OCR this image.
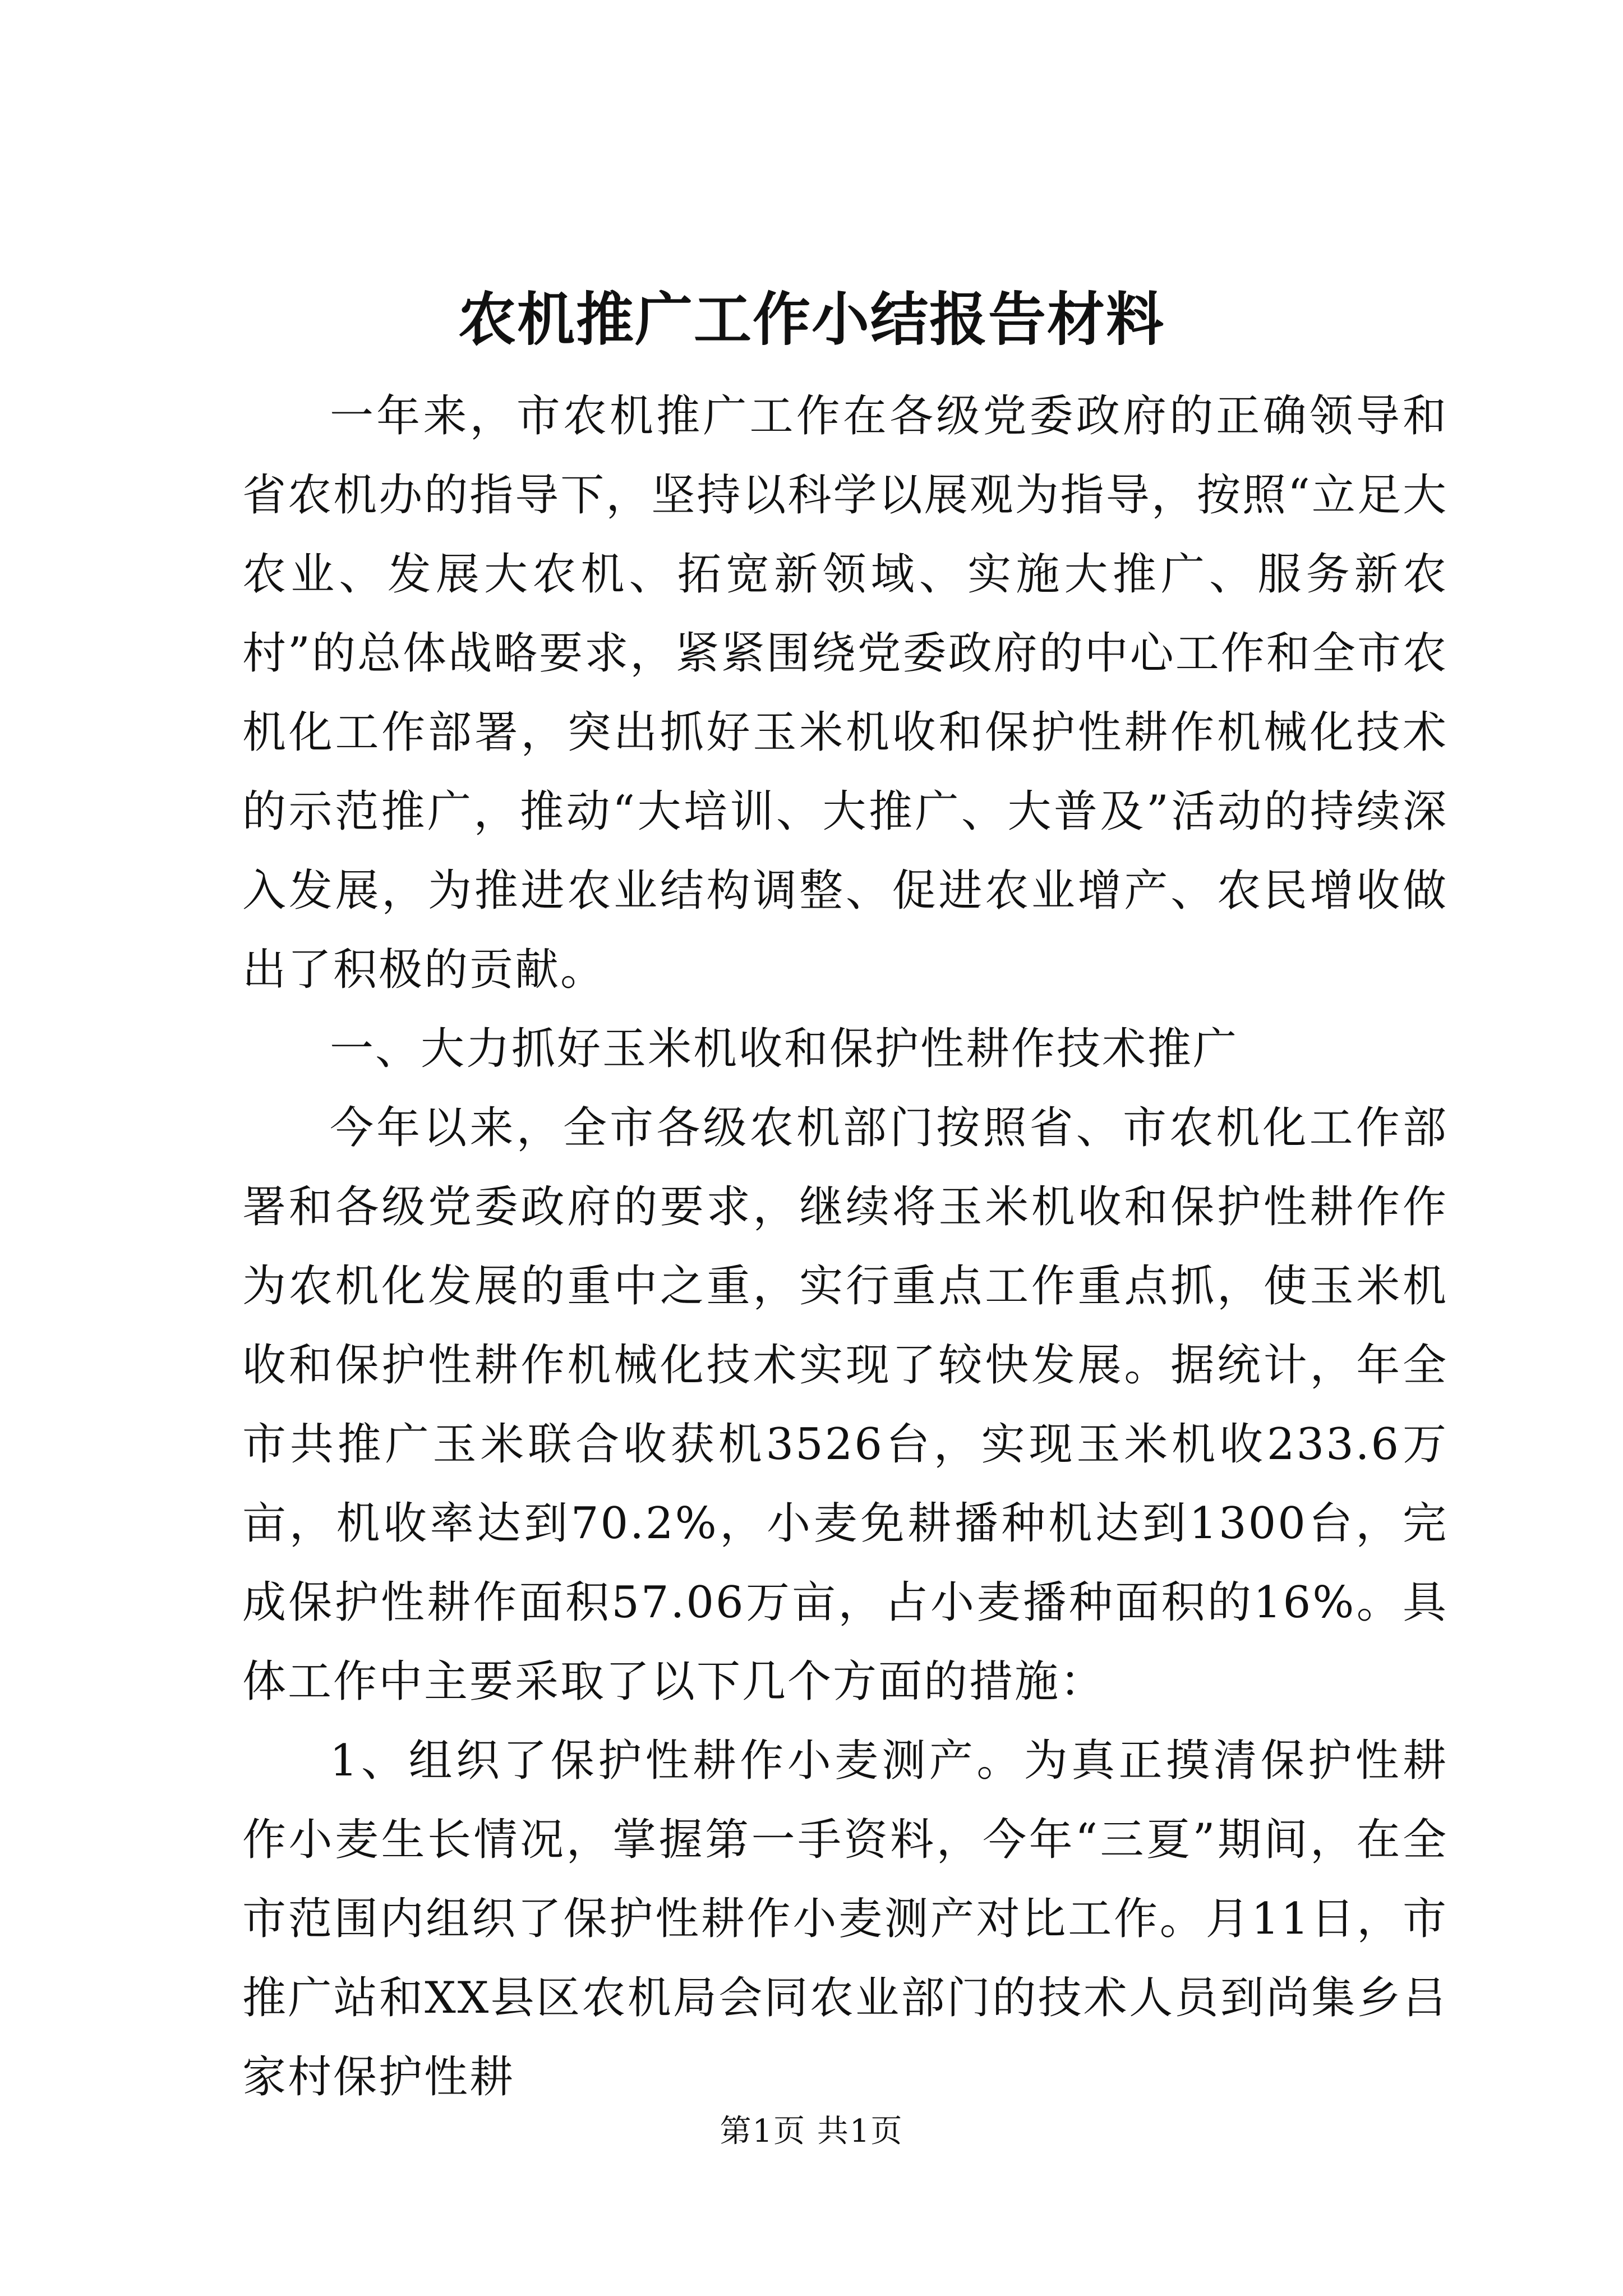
农机推广工作小结报告材料

一年来，市农机推广工作在各级党委政府的正确领导和省农机办的指导下，坚持以科学以展观为指导，按照“立足大农业、发展大农机、拓宽新领域、实施大推广、服务新农村”的总体战略要求，紧紧围绕党委政府的中心工作和全市农机化工作部署，突出抓好玉米机收和保护性耕作机械化技术的示范推广，推动“大培训、大推广、大普及”活动的持续深入发展，为推进农业结构调整、促进农业增产、农民增收做出了积极的贡献。

一、大力抓好玉米机收和保护性耕作技术推广

今年以来，全市各级农机部门按照省、市农机化工作部署和各级党委政府的要求，继续将玉米机收和保护性耕作作为农机化发展的重中之重，实行重点工作重点抓，使玉米机收和保护性耕作机械化技术实现了较快发展。据统计，年全市共推广玉米联合收获机3526台，实现玉米机收233.6万亩，机收率达到70.2%，小麦免耕播种机达到1300台，完成保护性耕作面积57.06万亩，占小麦播种面积的16%。具体工作中主要采取了以下几个方面的措施：

1、组织了保护性耕作小麦测产。为真正摸清保护性耕作小麦生长情况，掌握第一手资料，今年“三夏”期间，在全市范围内组织了保护性耕作小麦测产对比工作。月11日，市推广站和XX县区农机局会同农业部门的技术人员到尚集乡吕家村保护性耕

第1页 共1页
